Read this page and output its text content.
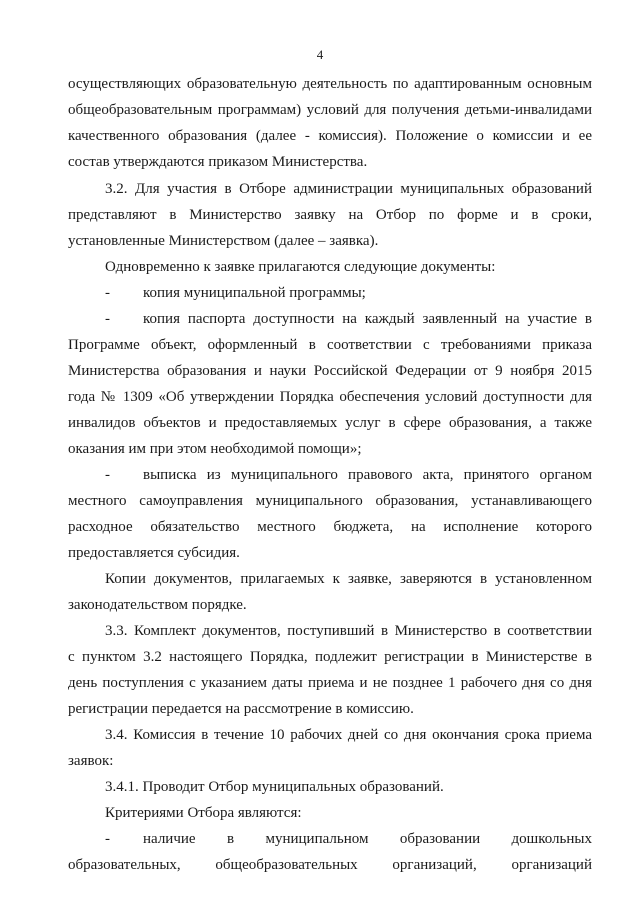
4
осуществляющих образовательную деятельность по адаптированным основным
общеобразовательным программам) условий для получения детьми-инвалидами
качественного образования (далее - комиссия). Положение о комиссии и ее
состав утверждаются приказом Министерства.
3.2. Для участия в Отборе администрации муниципальных образований
представляют в Министерство заявку на Отбор по форме и в сроки,
установленные Министерством (далее – заявка).
Одновременно к заявке прилагаются следующие документы:
- копия муниципальной программы;
- копия паспорта доступности на каждый заявленный на участие в
Программе объект, оформленный в соответствии с требованиями приказа
Министерства образования и науки Российской Федерации от 9 ноября 2015
года № 1309 «Об утверждении Порядка обеспечения условий доступности для
инвалидов объектов и предоставляемых услуг в сфере образования, а также
оказания им при этом необходимой помощи»;
- выписка из муниципального правового акта, принятого органом
местного самоуправления муниципального образования, устанавливающего
расходное обязательство местного бюджета, на исполнение которого
предоставляется субсидия.
Копии документов, прилагаемых к заявке, заверяются в установленном
законодательством порядке.
3.3. Комплект документов, поступивший в Министерство в соответствии
с пунктом 3.2 настоящего Порядка, подлежит регистрации в Министерстве в
день поступления с указанием даты приема и не позднее 1 рабочего дня со дня
регистрации передается на рассмотрение в комиссию.
3.4. Комиссия в течение 10 рабочих дней со дня окончания срока приема
заявок:
3.4.1. Проводит Отбор муниципальных образований.
Критериями Отбора являются:
- наличие в муниципальном образовании дошкольных
образовательных, общеобразовательных организаций, организаций
